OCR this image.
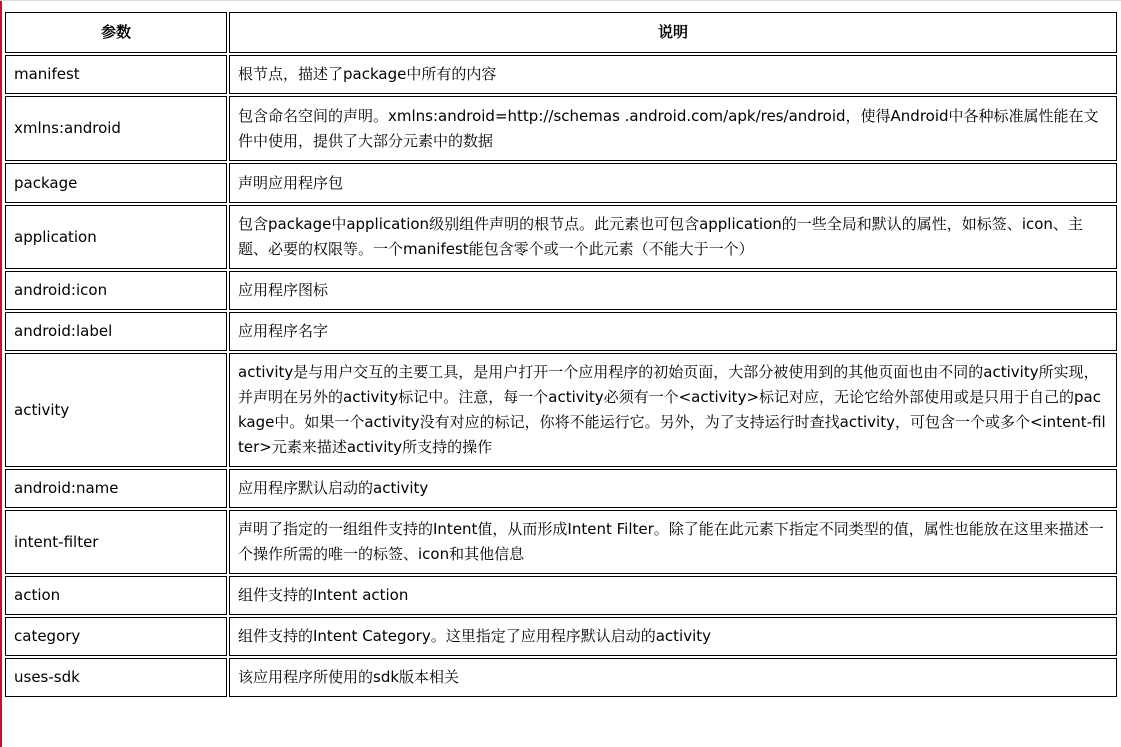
参数	说明
manifest	根节点，描述了package中所有的内容
xmlns:android	包含命名空间的声明。xmlns:android=http://schemas .android.com/apk/res/android，使得Android中各种标准属性能在文件中使用，提供了大部分元素中的数据
package	声明应用程序包
application	包含package中application级别组件声明的根节点。此元素也可包含application的一些全局和默认的属性，如标签、icon、主题、必要的权限等。一个manifest能包含零个或一个此元素（不能大于一个）
android:icon	应用程序图标
android:label	应用程序名字
activity	activity是与用户交互的主要工具，是用户打开一个应用程序的初始页面，大部分被使用到的其他页面也由不同的activity所实现，并声明在另外的activity标记中。注意，每一个activity必须有一个<activity>标记对应，无论它给外部使用或是只用于自己的package中。如果一个activity没有对应的标记，你将不能运行它。另外，为了支持运行时查找activity，可包含一个或多个<intent-filter>元素来描述activity所支持的操作
android:name	应用程序默认启动的activity
intent-filter	声明了指定的一组组件支持的Intent值，从而形成Intent Filter。除了能在此元素下指定不同类型的值，属性也能放在这里来描述一个操作所需的唯一的标签、icon和其他信息
action	组件支持的Intent action
category	组件支持的Intent Category。这里指定了应用程序默认启动的activity
uses-sdk	该应用程序所使用的sdk版本相关
